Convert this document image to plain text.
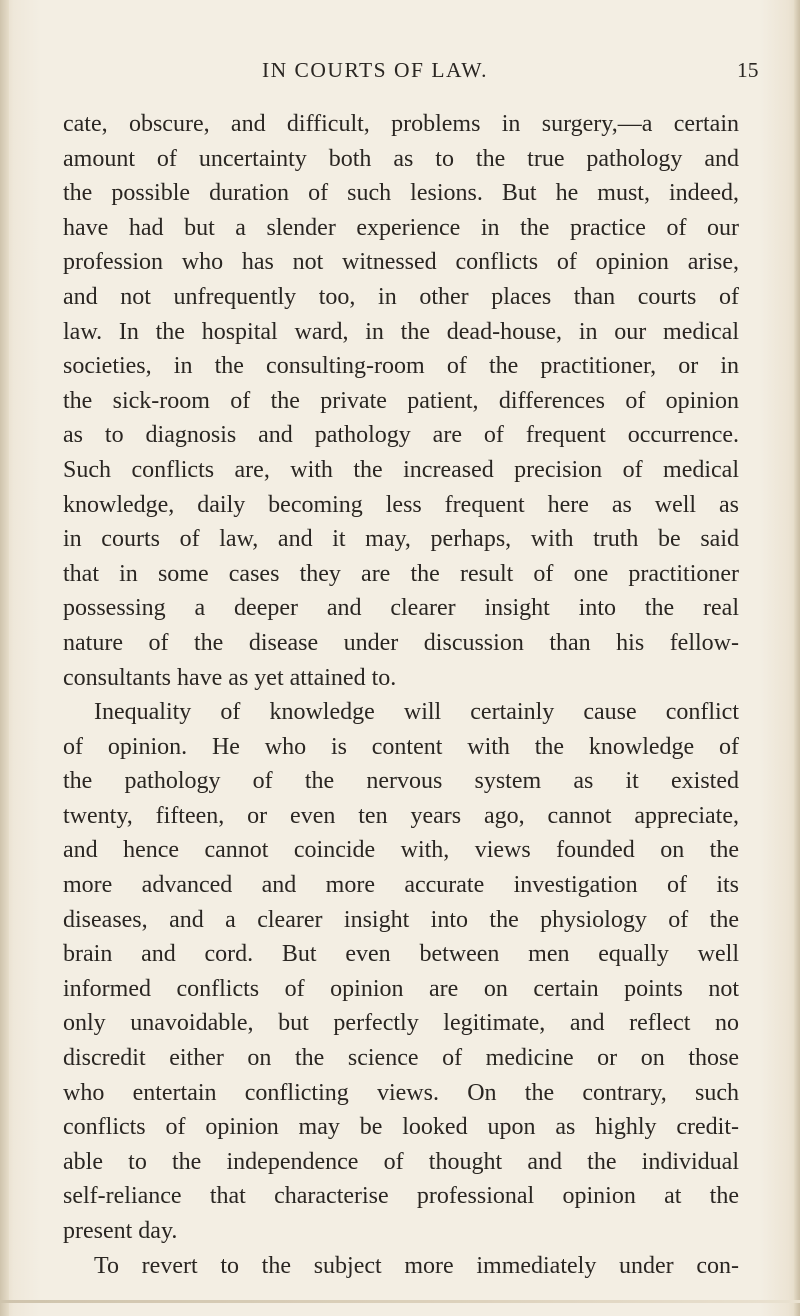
IN COURTS OF LAW.	15
cate, obscure, and difficult, problems in surgery,—a certain
amount of uncertainty both as to the true pathology and
the possible duration of such lesions. But he must, indeed,
have had but a slender experience in the practice of our
profession who has not witnessed conflicts of opinion arise,
and not unfrequently too, in other places than courts of
law. In the hospital ward, in the dead-house, in our medical
societies, in the consulting-room of the practitioner, or in
the sick-room of the private patient, differences of opinion
as to diagnosis and pathology are of frequent occurrence.
Such conflicts are, with the increased precision of medical
knowledge, daily becoming less frequent here as well as
in courts of law, and it may, perhaps, with truth be said
that in some cases they are the result of one practitioner
possessing a deeper and clearer insight into the real
nature of the disease under discussion than his fellow-
consultants have as yet attained to.
Inequality of knowledge will certainly cause conflict
of opinion. He who is content with the knowledge of
the pathology of the nervous system as it existed
twenty, fifteen, or even ten years ago, cannot appreciate,
and hence cannot coincide with, views founded on the
more advanced and more accurate investigation of its
diseases, and a clearer insight into the physiology of the
brain and cord. But even between men equally well
informed conflicts of opinion are on certain points not
only unavoidable, but perfectly legitimate, and reflect no
discredit either on the science of medicine or on those
who entertain conflicting views. On the contrary, such
conflicts of opinion may be looked upon as highly credit-
able to the independence of thought and the individual
self-reliance that characterise professional opinion at the
present day.
To revert to the subject more immediately under con-
